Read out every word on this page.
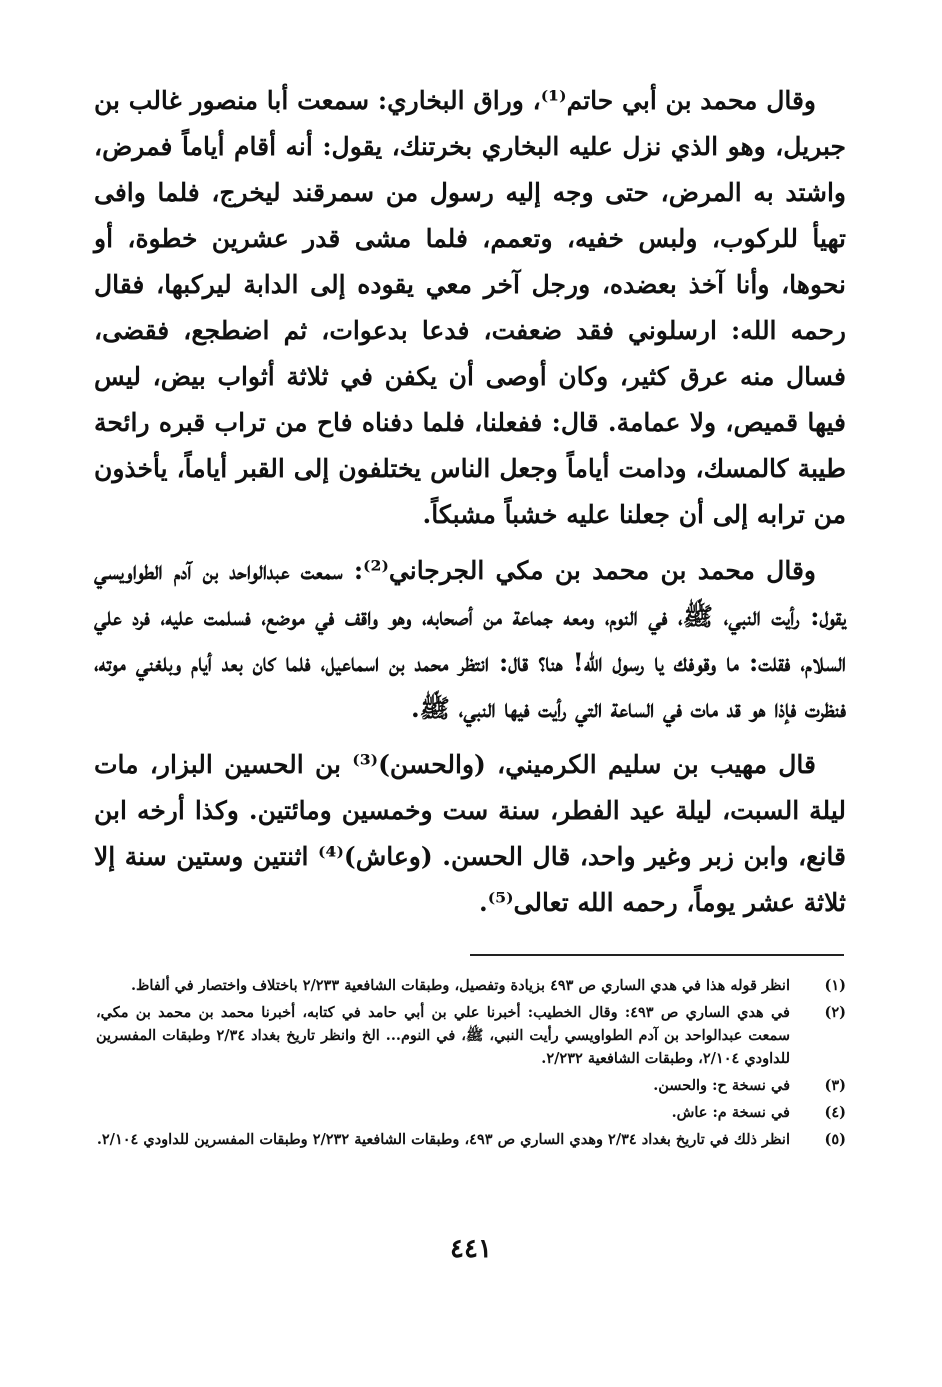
وقال محمد بن أبي حاتم⁽¹⁾، وراق البخاري: سمعت أبا منصور غالب بن جبريل، وهو الذي نزل عليه البخاري بخرتنك، يقول: أنه أقام أياماً فمرض، واشتد به المرض، حتى وجه إليه رسول من سمرقند ليخرج، فلما وافى تهيأ للركوب، ولبس خفيه، وتعمم، فلما مشى قدر عشرين خطوة، أو نحوها، وأنا آخذ بعضده، ورجل آخر معي يقوده إلى الدابة ليركبها، فقال رحمه الله: ارسلوني فقد ضعفت، فدعا بدعوات، ثم اضطجع، فقضى، فسال منه عرق كثير، وكان أوصى أن يكفن في ثلاثة أثواب بيض، ليس فيها قميص، ولا عمامة. قال: ففعلنا، فلما دفناه فاح من تراب قبره رائحة طيبة كالمسك، ودامت أياماً وجعل الناس يختلفون إلى القبر أياماً، يأخذون من ترابه إلى أن جعلنا عليه خشباً مشبكاً.

وقال محمد بن محمد بن مكي الجرجاني⁽²⁾: سمعت عبدالواحد بن آدم الطواويسي يقول: رأيت النبي، ﷺ، في النوم، ومعه جماعة من أصحابه، وهو واقف في موضع، فسلمت عليه، فرد علي السلام، فقلت: ما وقوفك يا رسول الله! هنا؟ قال: انتظر محمد بن اسماعيل، فلما كان بعد أيام وبلغني موته، فنظرت فإذا هو قد مات في الساعة التي رأيت فيها النبي، ﷺ.

قال مهيب بن سليم الكرميني، (والحسن)⁽³⁾ بن الحسين البزار، مات ليلة السبت، ليلة عيد الفطر، سنة ست وخمسين ومائتين. وكذا أرخه ابن قانع، وابن زبر وغير واحد، قال الحسن. (وعاش)⁽⁴⁾ اثنتين وستين سنة إلا ثلاثة عشر يوماً، رحمه الله تعالى⁽⁵⁾.

(١)
انظر قوله هذا في هدي الساري ص ٤٩٣ بزيادة وتفصيل، وطبقات الشافعية ٢/٢٣٣ باختلاف واختصار في ألفاظ.
(٢)
في هدي الساري ص ٤٩٣: وقال الخطيب: أخبرنا علي بن أبي حامد في كتابه، أخبرنا محمد بن محمد بن مكي، سمعت عبدالواحد بن آدم الطواويسي رأيت النبي، ﷺ، في النوم... الخ وانظر تاريخ بغداد ٢/٣٤ وطبقات المفسرين للداودي ٢/١٠٤، وطبقات الشافعية ٢/٢٣٢.
(٣)
في نسخة ح: والحسن.
(٤)
في نسخة م: عاش.
(٥)
انظر ذلك في تاريخ بغداد ٢/٣٤ وهدي الساري ص ٤٩٣، وطبقات الشافعية ٢/٢٣٢ وطبقات المفسرين للداودي ٢/١٠٤.
٤٤١
